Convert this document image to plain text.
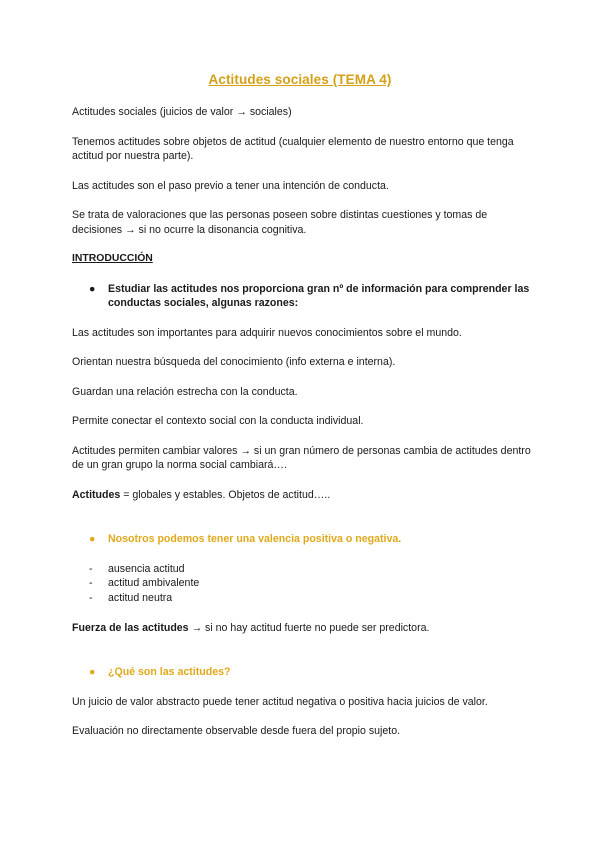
Actitudes sociales (TEMA 4)

Actitudes sociales (juicios de valor → sociales)

Tenemos actitudes sobre objetos de actitud (cualquier elemento de nuestro entorno que tenga actitud por nuestra parte).

Las actitudes son el paso previo a tener una intención de conducta.

Se trata de valoraciones que las personas poseen sobre distintas cuestiones y tomas de decisiones → si no ocurre la disonancia cognitiva.

INTRODUCCIÓN
● Estudiar las actitudes nos proporciona gran nº de información para comprender las conductas sociales, algunas razones:

Las actitudes son importantes para adquirir nuevos conocimientos sobre el mundo.

Orientan nuestra búsqueda del conocimiento (info externa e interna).

Guardan una relación estrecha con la conducta.

Permite conectar el contexto social con la conducta individual.

Actitudes permiten cambiar valores → si un gran número de personas cambia de actitudes dentro de un gran grupo la norma social cambiará….

Actitudes = globales y estables. Objetos de actitud…..

● Nosotros podemos tener una valencia positiva o negativa.
- ausencia actitud
- actitud ambivalente
- actitud neutra

Fuerza de las actitudes → si no hay actitud fuerte no puede ser predictora.

● ¿Qué son las actitudes?

Un juicio de valor abstracto puede tener actitud negativa o positiva hacia juicios de valor.

Evaluación no directamente observable desde fuera del propio sujeto.
